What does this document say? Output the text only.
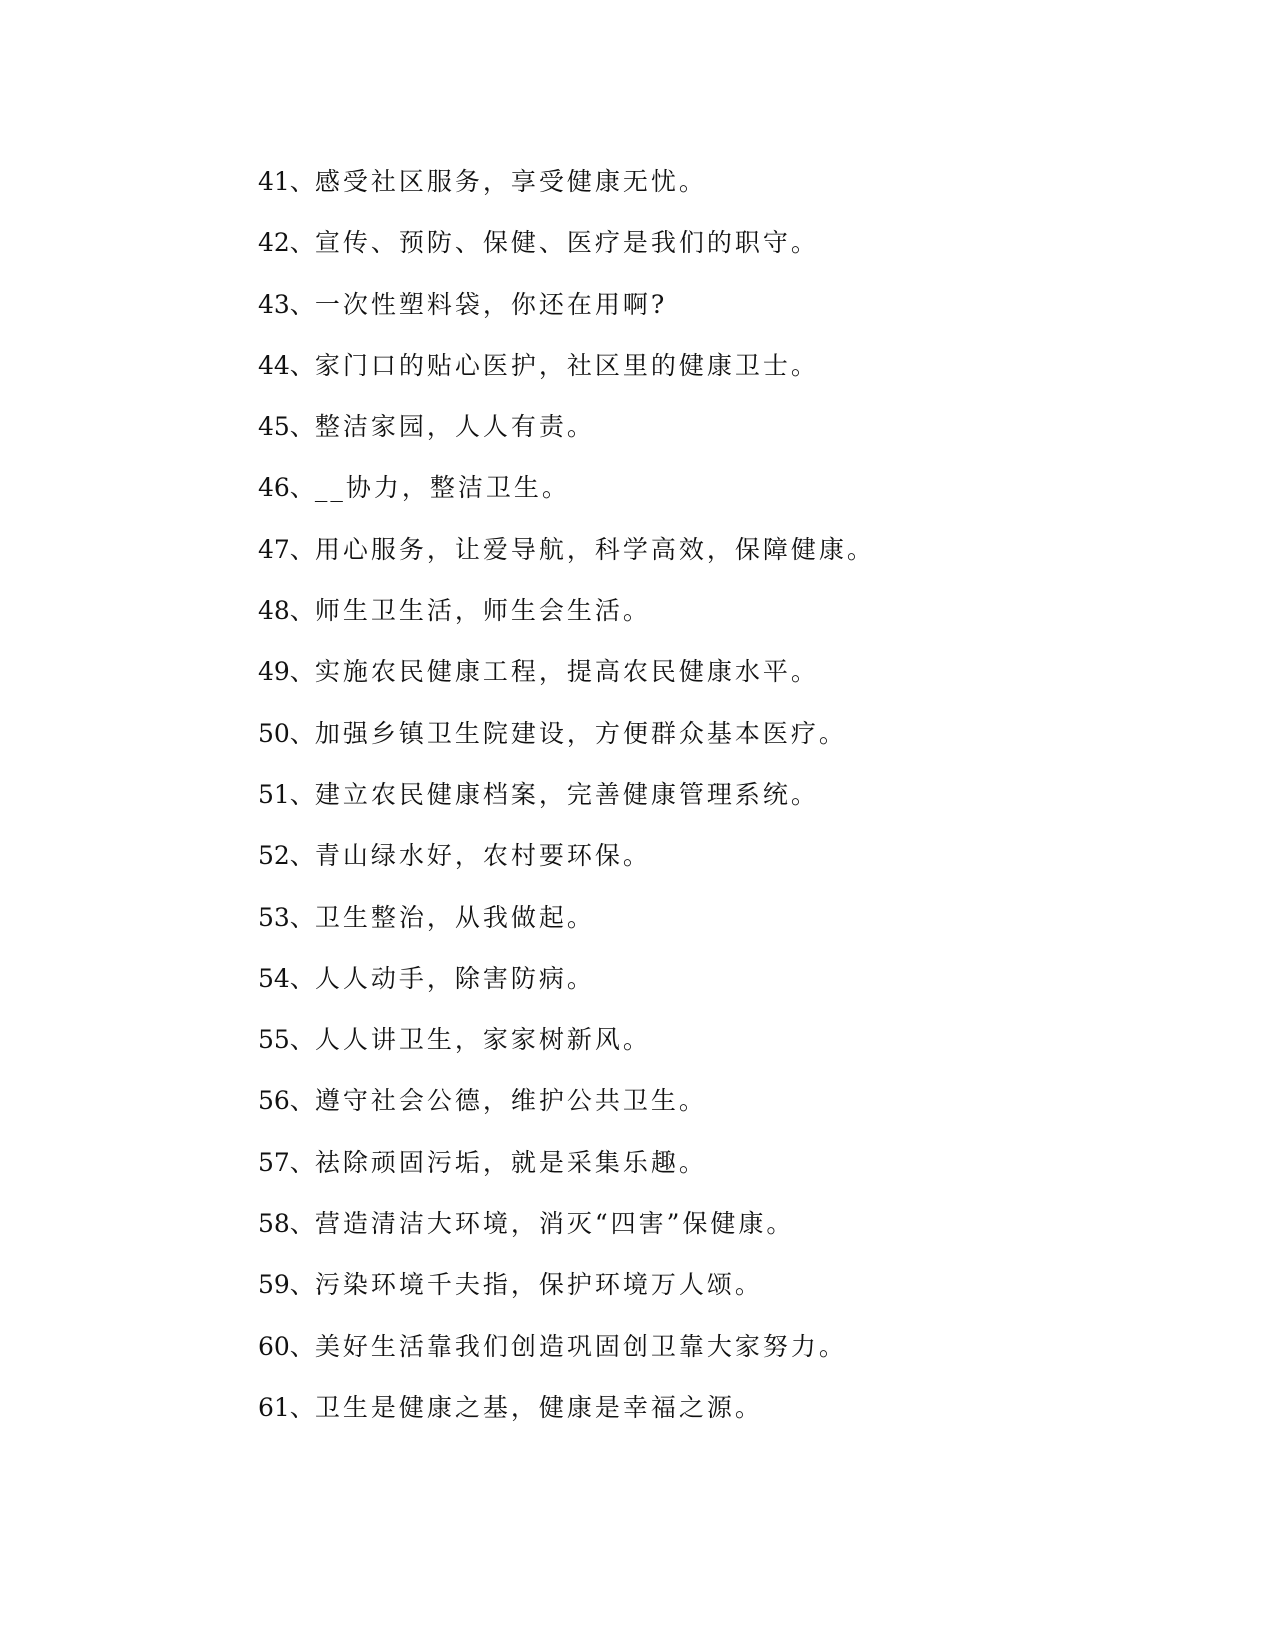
41、感受社区服务，享受健康无忧。
42、宣传、预防、保健、医疗是我们的职守。
43、一次性塑料袋，你还在用啊?
44、家门口的贴心医护，社区里的健康卫士。
45、整洁家园，人人有责。
46、__协力，整洁卫生。
47、用心服务，让爱导航，科学高效，保障健康。
48、师生卫生活，师生会生活。
49、实施农民健康工程，提高农民健康水平。
50、加强乡镇卫生院建设，方便群众基本医疗。
51、建立农民健康档案，完善健康管理系统。
52、青山绿水好，农村要环保。
53、卫生整治，从我做起。
54、人人动手，除害防病。
55、人人讲卫生，家家树新风。
56、遵守社会公德，维护公共卫生。
57、祛除顽固污垢，就是采集乐趣。
58、营造清洁大环境，消灭“四害”保健康。
59、污染环境千夫指，保护环境万人颂。
60、美好生活靠我们创造巩固创卫靠大家努力。
61、卫生是健康之基，健康是幸福之源。
